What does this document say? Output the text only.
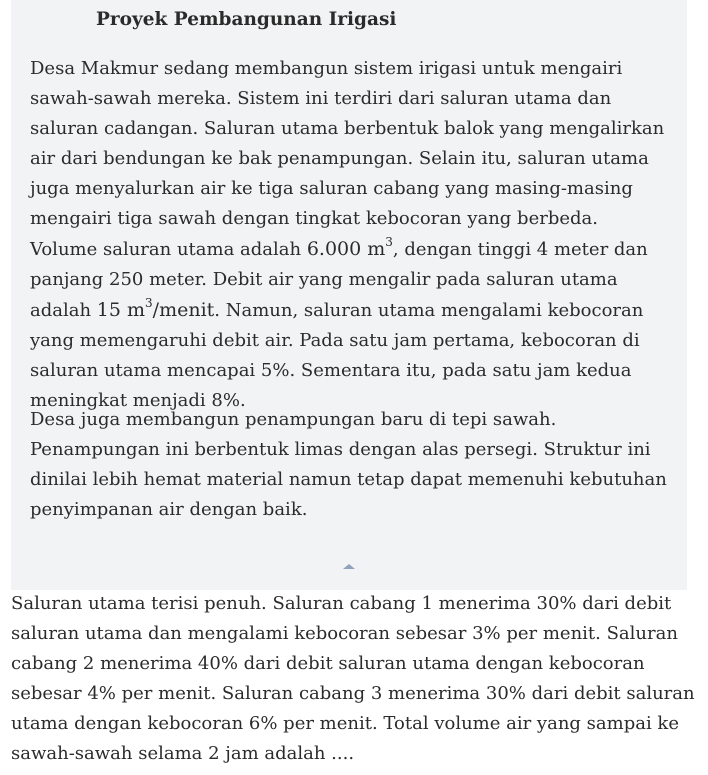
Proyek Pembangunan Irigasi

Desa Makmur sedang membangun sistem irigasi untuk mengairi sawah-sawah mereka. Sistem ini terdiri dari saluran utama dan saluran cadangan. Saluran utama berbentuk balok yang mengalirkan air dari bendungan ke bak penampungan. Selain itu, saluran utama juga menyalurkan air ke tiga saluran cabang yang masing-masing mengairi tiga sawah dengan tingkat kebocoran yang berbeda. Volume saluran utama adalah 6.000 $m^3$, dengan tinggi 4 meter dan panjang 250 meter. Debit air yang mengalir pada saluran utama adalah 15 $m^3$/menit. Namun, saluran utama mengalami kebocoran yang memengaruhi debit air. Pada satu jam pertama, kebocoran di saluran utama mencapai 5%. Sementara itu, pada satu jam kedua meningkat menjadi 8%.

Desa juga membangun penampungan baru di tepi sawah. Penampungan ini berbentuk limas dengan alas persegi. Struktur ini dinilai lebih hemat material namun tetap dapat memenuhi kebutuhan penyimpanan air dengan baik.

Saluran utama terisi penuh. Saluran cabang 1 menerima 30% dari debit saluran utama dan mengalami kebocoran sebesar 3% per menit. Saluran cabang 2 menerima 40% dari debit saluran utama dengan kebocoran sebesar 4% per menit. Saluran cabang 3 menerima 30% dari debit saluran utama dengan kebocoran 6% per menit. Total volume air yang sampai ke sawah-sawah selama 2 jam adalah ....
